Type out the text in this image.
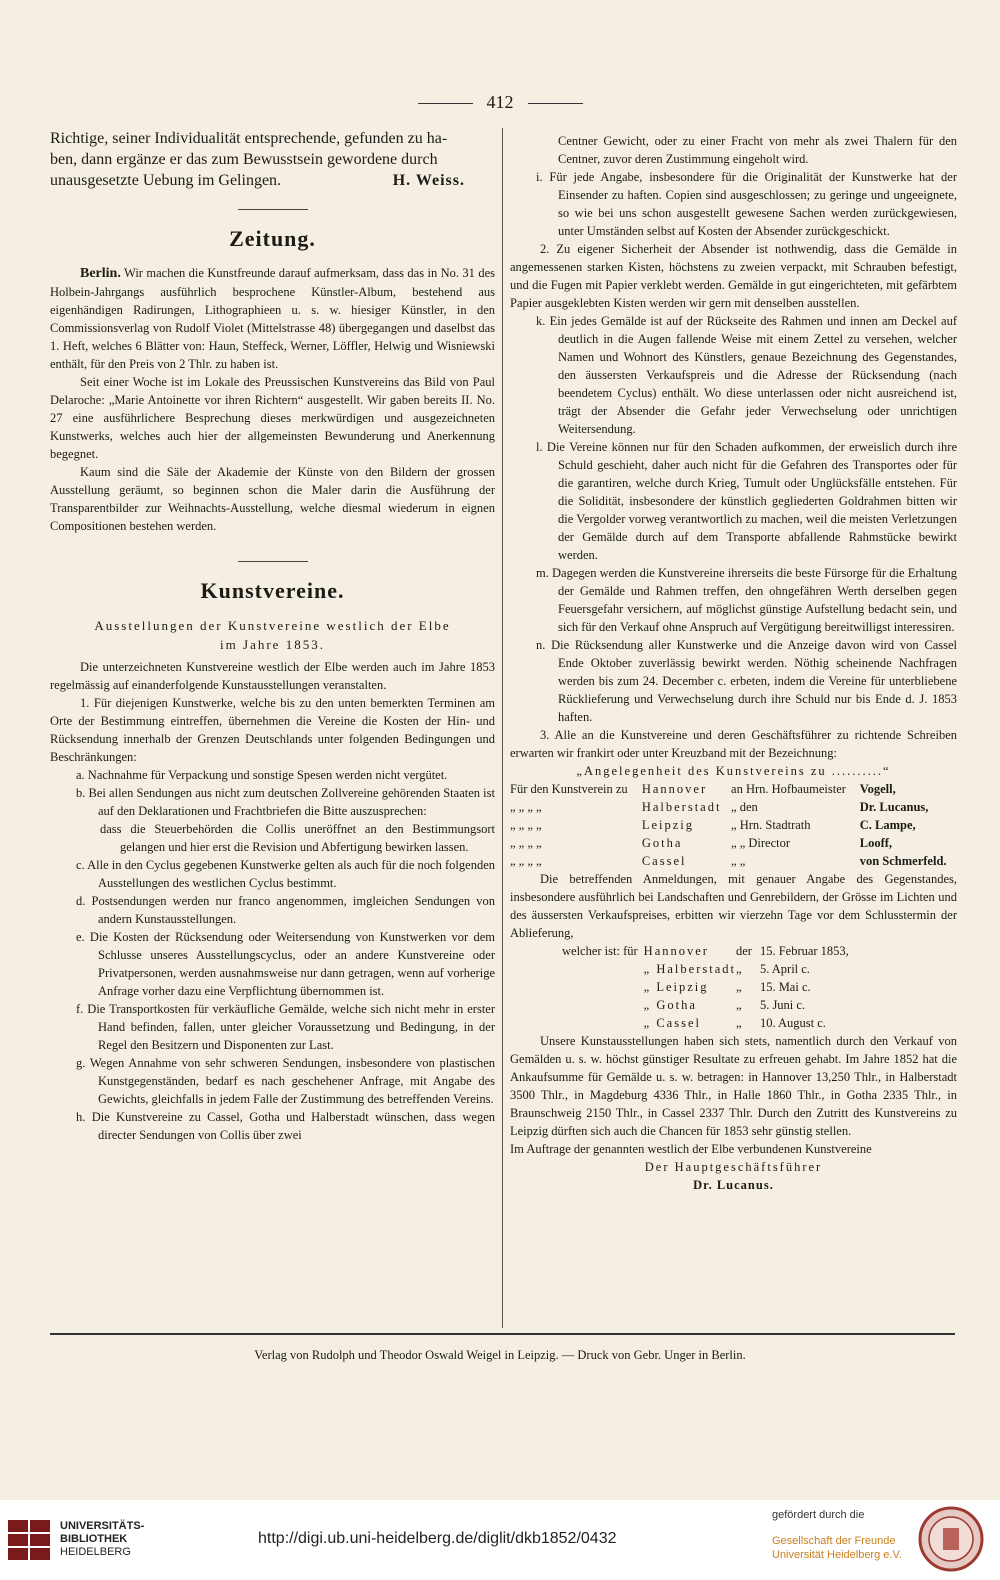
412

Richtige, seiner Individualität entsprechende, gefunden zu ha-

ben, dann ergänze er das zum Bewusstsein gewordene durch

unausgesetzte Uebung im Gelingen.	H. Weiss.

Zeitung.

Berlin. Wir machen die Kunstfreunde darauf aufmerksam, dass das in No. 31 des Holbein-Jahrgangs ausführlich besprochene Künstler-Album, bestehend aus eigenhändigen Radirungen, Lithographieen u. s. w. hiesiger Künstler, in den Commissionsverlag von Rudolf Violet (Mittelstrasse 48) übergegangen und daselbst das 1. Heft, welches 6 Blätter von: Haun, Steffeck, Werner, Löffler, Helwig und Wisniewski enthält, für den Preis von 2 Thlr. zu haben ist.

Seit einer Woche ist im Lokale des Preussischen Kunstvereins das Bild von Paul Delaroche: „Marie Antoinette vor ihren Richtern“ ausgestellt. Wir gaben bereits II. No. 27 eine ausführlichere Besprechung dieses merkwürdigen und ausgezeichneten Kunstwerks, welches auch hier der allgemeinsten Bewunderung und Anerkennung begegnet.

Kaum sind die Säle der Akademie der Künste von den Bildern der grossen Ausstellung geräumt, so beginnen schon die Maler darin die Ausführung der Transparentbilder zur Weihnachts-Ausstellung, welche diesmal wiederum in eignen Compositionen bestehen werden.

Kunstvereine.
Ausstellungen der Kunstvereine westlich der Elbe
im Jahre 1853.

Die unterzeichneten Kunstvereine westlich der Elbe werden auch im Jahre 1853 regelmässig auf einanderfolgende Kunstausstellungen veranstalten.

1. Für diejenigen Kunstwerke, welche bis zu den unten bemerkten Terminen am Orte der Bestimmung eintreffen, übernehmen die Vereine die Kosten der Hin- und Rücksendung innerhalb der Grenzen Deutschlands unter folgenden Bedingungen und Beschränkungen:

a. Nachnahme für Verpackung und sonstige Spesen werden nicht vergütet.

b. Bei allen Sendungen aus nicht zum deutschen Zollvereine gehörenden Staaten ist auf den Deklarationen und Frachtbriefen die Bitte auszusprechen:

dass die Steuerbehörden die Collis uneröffnet an den Bestimmungsort gelangen und hier erst die Revision und Abfertigung bewirken lassen.

c. Alle in den Cyclus gegebenen Kunstwerke gelten als auch für die noch folgenden Ausstellungen des westlichen Cyclus bestimmt.

d. Postsendungen werden nur franco angenommen, imgleichen Sendungen von andern Kunstausstellungen.

e. Die Kosten der Rücksendung oder Weitersendung von Kunstwerken vor dem Schlusse unseres Ausstellungscyclus, oder an andere Kunstvereine oder Privatpersonen, werden ausnahmsweise nur dann getragen, wenn auf vorherige Anfrage vorher dazu eine Verpflichtung übernommen ist.

f. Die Transportkosten für verkäufliche Gemälde, welche sich nicht mehr in erster Hand befinden, fallen, unter gleicher Voraussetzung und Bedingung, in der Regel den Besitzern und Disponenten zur Last.

g. Wegen Annahme von sehr schweren Sendungen, insbesondere von plastischen Kunstgegenständen, bedarf es nach geschehener Anfrage, mit Angabe des Gewichts, gleichfalls in jedem Falle der Zustimmung des betreffenden Vereins.

h. Die Kunstvereine zu Cassel, Gotha und Halberstadt wünschen, dass wegen directer Sendungen von Collis über zwei

Centner Gewicht, oder zu einer Fracht von mehr als zwei Thalern für den Centner, zuvor deren Zustimmung eingeholt wird.

i. Für jede Angabe, insbesondere für die Originalität der Kunstwerke hat der Einsender zu haften. Copien sind ausgeschlossen; zu geringe und ungeeignete, so wie bei uns schon ausgestellt gewesene Sachen werden zurückgewiesen, unter Umständen selbst auf Kosten der Absender zurückgeschickt.

2. Zu eigener Sicherheit der Absender ist nothwendig, dass die Gemälde in angemessenen starken Kisten, höchstens zu zweien verpackt, mit Schrauben befestigt, und die Fugen mit Papier verklebt werden. Gemälde in gut eingerichteten, mit gefärbtem Papier ausgeklebten Kisten werden wir gern mit denselben ausstellen.

k. Ein jedes Gemälde ist auf der Rückseite des Rahmen und innen am Deckel auf deutlich in die Augen fallende Weise mit einem Zettel zu versehen, welcher Namen und Wohnort des Künstlers, genaue Bezeichnung des Gegenstandes, den äussersten Verkaufspreis und die Adresse der Rücksendung (nach beendetem Cyclus) enthält. Wo diese unterlassen oder nicht ausreichend ist, trägt der Absender die Gefahr jeder Verwechselung oder unrichtigen Weitersendung.

l. Die Vereine können nur für den Schaden aufkommen, der erweislich durch ihre Schuld geschieht, daher auch nicht für die Gefahren des Transportes oder für die garantiren, welche durch Krieg, Tumult oder Unglücksfälle entstehen. Für die Solidität, insbesondere der künstlich gegliederten Goldrahmen bitten wir die Vergolder vorweg verantwortlich zu machen, weil die meisten Verletzungen der Gemälde durch auf dem Transporte abfallende Rahmstücke bewirkt werden.

m. Dagegen werden die Kunstvereine ihrerseits die beste Fürsorge für die Erhaltung der Gemälde und Rahmen treffen, den ohngefähren Werth derselben gegen Feuersgefahr versichern, auf möglichst günstige Aufstellung bedacht sein, und sich für den Verkauf ohne Anspruch auf Vergütigung bereitwilligst interessiren.

n. Die Rücksendung aller Kunstwerke und die Anzeige davon wird von Cassel Ende Oktober zuverlässig bewirkt werden. Nöthig scheinende Nachfragen werden bis zum 24. December c. erbeten, indem die Vereine für unterbliebene Rücklieferung und Verwechselung durch ihre Schuld nur bis Ende d. J. 1853 haften.

3. Alle an die Kunstvereine und deren Geschäftsführer zu richtende Schreiben erwarten wir frankirt oder unter Kreuzband mit der Bezeichnung:

„Angelegenheit des Kunstvereins zu ..........“

Für den Kunstverein zu	Hannover	an Hrn. Hofbaumeister	Vogell,
„ „ „ „	Halberstadt	„ den	Dr. Lucanus,
„ „ „ „	Leipzig	„ Hrn. Stadtrath	C. Lampe,
„ „ „ „	Gotha	„ „ Director	Looff,
„ „ „ „	Cassel	„ „	von Schmerfeld.

Die betreffenden Anmeldungen, mit genauer Angabe des Gegenstandes, insbesondere ausführlich bei Landschaften und Genrebildern, der Grösse im Lichten und des äussersten Verkaufspreises, erbitten wir vierzehn Tage vor dem Schlusstermin der Ablieferung,

welcher ist: für	Hannover	der	15. Februar 1853,
	„ Halberstadt	„	5. April c.
	„ Leipzig	„	15. Mai c.
	„ Gotha	„	5. Juni c.
	„ Cassel	„	10. August c.

Unsere Kunstausstellungen haben sich stets, namentlich durch den Verkauf von Gemälden u. s. w. höchst günstiger Resultate zu erfreuen gehabt. Im Jahre 1852 hat die Ankaufsumme für Gemälde u. s. w. betragen: in Hannover 13,250 Thlr., in Halberstadt 3500 Thlr., in Magdeburg 4336 Thlr., in Halle 1860 Thlr., in Gotha 2335 Thlr., in Braunschweig 2150 Thlr., in Cassel 2337 Thlr. Durch den Zutritt des Kunstvereins zu Leipzig dürften sich auch die Chancen für 1853 sehr günstig stellen.

Im Auftrage der genannten westlich der Elbe verbundenen Kunstvereine

Der Hauptgeschäftsführer

Dr. Lucanus.

Verlag von Rudolph und Theodor Oswald Weigel in Leipzig. — Druck von Gebr. Unger in Berlin.
UNIVERSITÄTS-
BIBLIOTHEK
HEIDELBERG
http://digi.ub.uni-heidelberg.de/diglit/dkb1852/0432
gefördert durch die
Gesellschaft der Freunde
Universität Heidelberg e.V.
